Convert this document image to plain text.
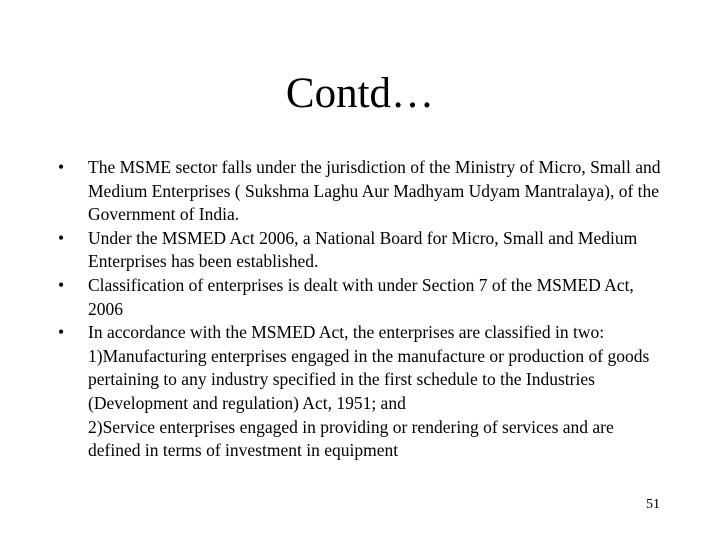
Contd…
• The MSME sector falls under the jurisdiction of the Ministry of Micro, Small and Medium Enterprises ( Sukshma Laghu Aur Madhyam Udyam Mantralaya), of the Government of India.
• Under the MSMED Act 2006, a National Board for Micro, Small and Medium Enterprises has been established.
• Classification of enterprises is dealt with under Section 7 of the MSMED Act, 2006
• In accordance with the MSMED Act, the enterprises are classified in two:
1)Manufacturing enterprises engaged in the manufacture or production of goods pertaining to any industry specified in the first schedule to the Industries (Development and regulation) Act, 1951; and
2)Service enterprises engaged in providing or rendering of services and are defined in terms of investment in equipment
51
